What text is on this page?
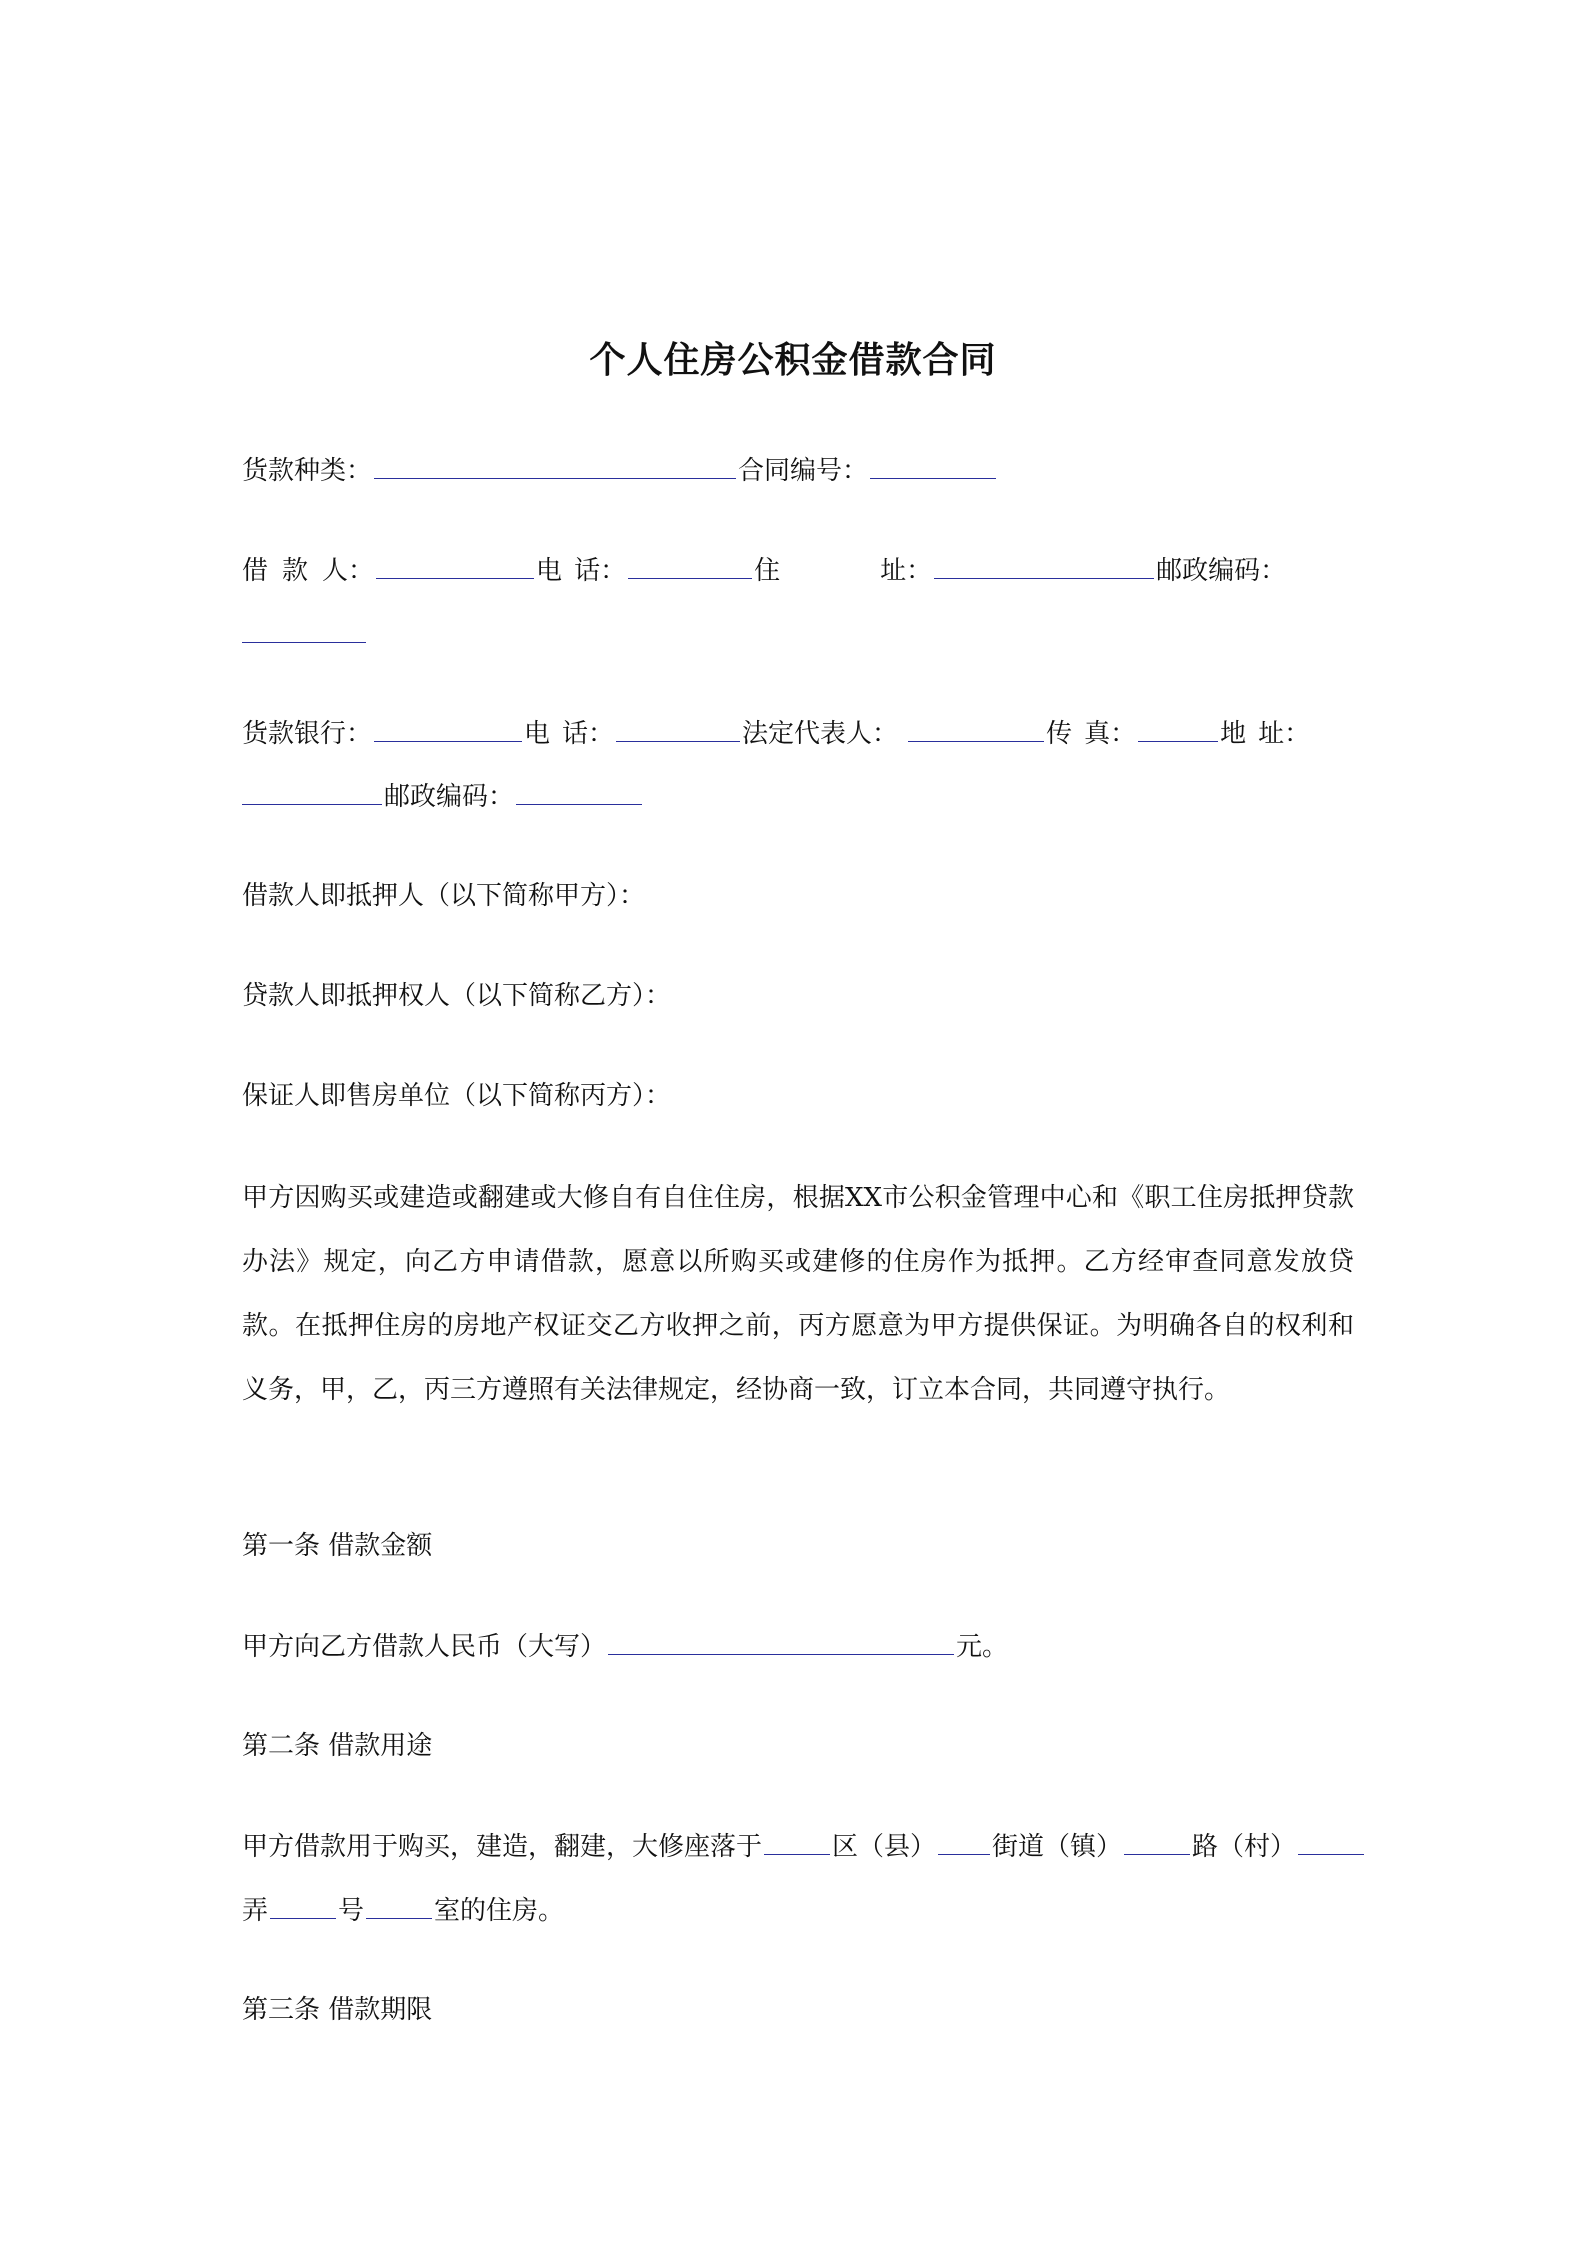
个人住房公积金借款合同
货款种类：	合同编号：
借 款 人：	电 话：	住	址：	邮政编码：
货款银行：	电 话：	法定代表人：	传 真：	地 址：
邮政编码：
借款人即抵押人（以下简称甲方）：
贷款人即抵押权人（以下简称乙方）：
保证人即售房单位（以下简称丙方）：
甲方因购买或建造或翻建或大修自有自住住房，根据XX市公积金管理中心和《职工住房抵押贷款办法》规定，向乙方申请借款，愿意以所购买或建修的住房作为抵押。乙方经审查同意发放贷款。在抵押住房的房地产权证交乙方收押之前，丙方愿意为甲方提供保证。为明确各自的权利和义务，甲，乙，丙三方遵照有关法律规定，经协商一致，订立本合同，共同遵守执行。
第一条 借款金额
甲方向乙方借款人民币（大写）	元。
第二条 借款用途
甲方借款用于购买，建造，翻建，大修座落于	区（县） 街道（镇）	路（村）
弄	号	室的住房。
第三条 借款期限
